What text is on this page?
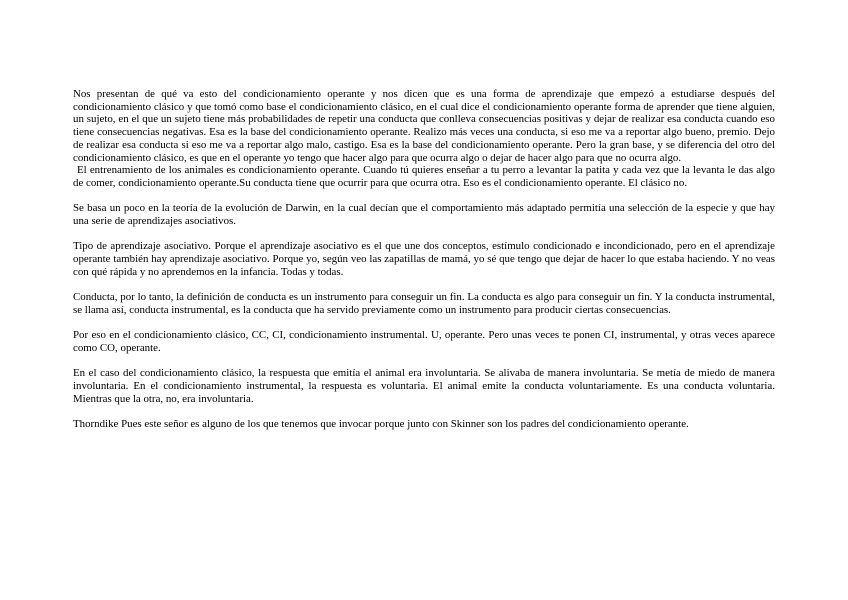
Nos presentan de qué va esto del condicionamiento operante y nos dicen que es una forma de aprendizaje que empezó a estudiarse después del condicionamiento clásico y que tomó como base el condicionamiento clásico, en el cual dice el condicionamiento operante forma de aprender que tiene alguien, un sujeto, en el que un sujeto tiene más probabilidades de repetir una conducta que conlleva consecuencias positivas y dejar de realizar esa conducta cuando eso tiene consecuencias negativas. Esa es la base del condicionamiento operante. Realizo más veces una conducta, si eso me va a reportar algo bueno, premio. Dejo de realizar esa conducta si eso me va a reportar algo malo, castigo. Esa es la base del condicionamiento operante. Pero la gran base, y se diferencia del otro del condicionamiento clásico, es que en el operante yo tengo que hacer algo para que ocurra algo o dejar de hacer algo para que no ocurra algo.

El entrenamiento de los animales es condicionamiento operante. Cuando tú quieres enseñar a tu perro a levantar la patita y cada vez que la levanta le das algo de comer, condicionamiento operante.Su conducta tiene que ocurrir para que ocurra otra. Eso es el condicionamiento operante. El clásico no.

Se basa un poco en la teoría de la evolución de Darwin, en la cual decían que el comportamiento más adaptado permitía una selección de la especie y que hay una serie de aprendizajes asociativos.

Tipo de aprendizaje asociativo. Porque el aprendizaje asociativo es el que une dos conceptos, estímulo condicionado e incondicionado, pero en el aprendizaje operante también hay aprendizaje asociativo. Porque yo, según veo las zapatillas de mamá, yo sé que tengo que dejar de hacer lo que estaba haciendo. Y no veas con qué rápida y no aprendemos en la infancia. Todas y todas.

Conducta, por lo tanto, la definición de conducta es un instrumento para conseguir un fin. La conducta es algo para conseguir un fin. Y la conducta instrumental, se llama así, conducta instrumental, es la conducta que ha servido previamente como un instrumento para producir ciertas consecuencias.

Por eso en el condicionamiento clásico, CC, CI, condicionamiento instrumental. U, operante. Pero unas veces te ponen CI, instrumental, y otras veces aparece como CO, operante.

En el caso del condicionamiento clásico, la respuesta que emitía el animal era involuntaria. Se alivaba de manera involuntaria. Se metía de miedo de manera involuntaria. En el condicionamiento instrumental, la respuesta es voluntaria. El animal emite la conducta voluntariamente. Es una conducta voluntaria. Mientras que la otra, no, era involuntaria.

Thorndike Pues este señor es alguno de los que tenemos que invocar porque junto con Skinner son los padres del condicionamiento operante.
